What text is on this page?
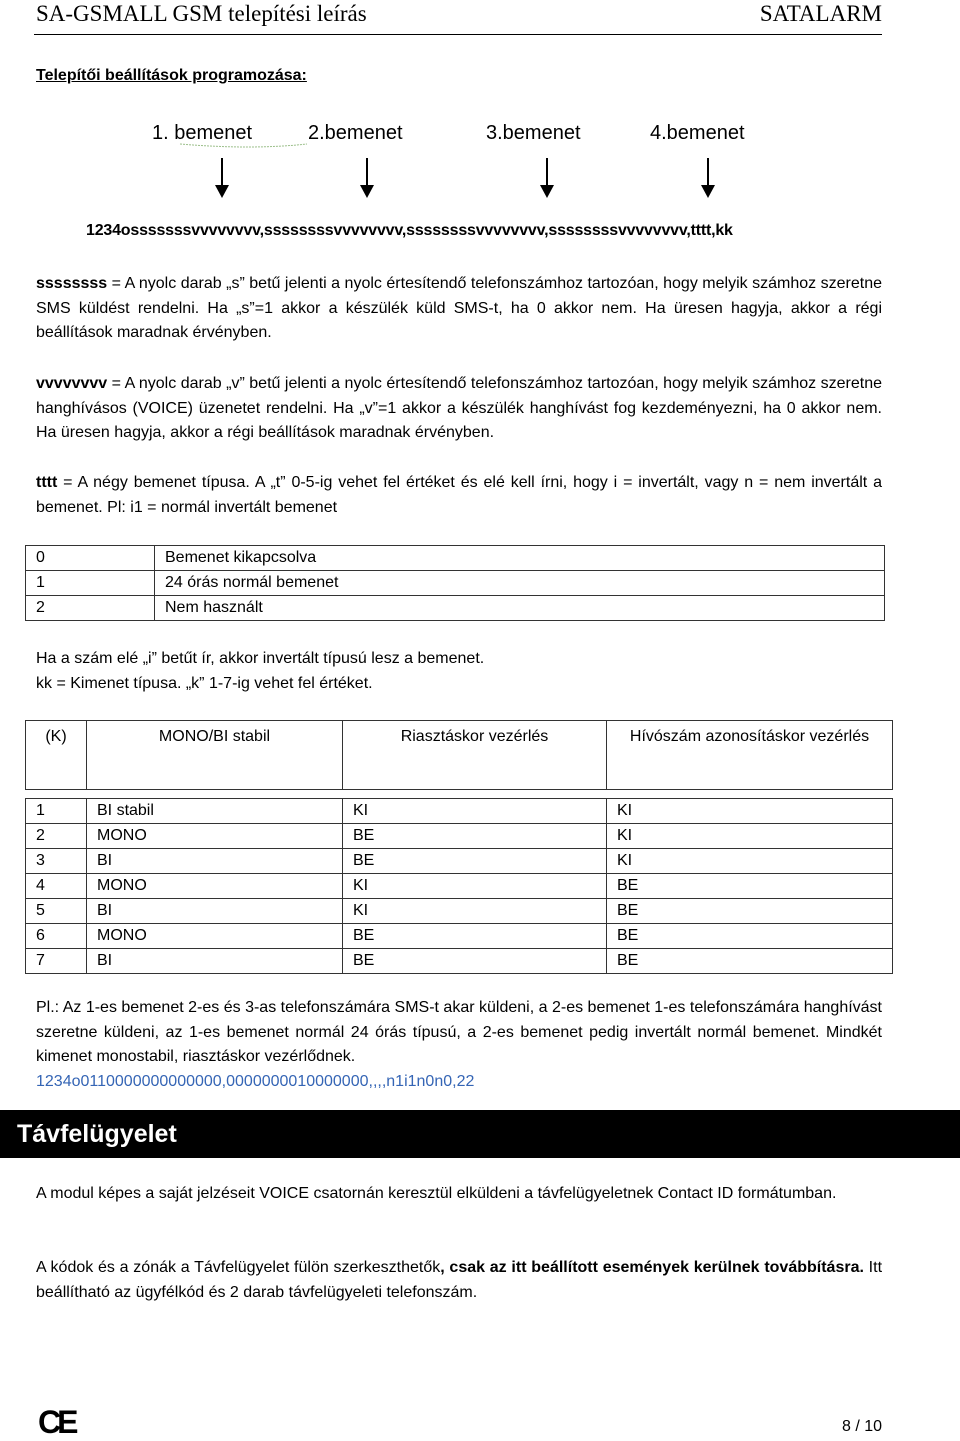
SA-GSMALL GSM telepítési leírás	SATALARM
Telepítői beállítások programozása:
1. bemenet	2.bemenet	3.bemenet	4.bemenet
1234osssssssvvvvvvvv,ssssssssvvvvvvvv,ssssssssvvvvvvvv,ssssssssvvvvvvvv,tttt,kk
ssssssss = A nyolc darab „s” betű jelenti a nyolc értesítendő telefonszámhoz tartozóan, hogy melyik számhoz szeretne SMS küldést rendelni. Ha „s”=1 akkor a készülék küld SMS-t, ha 0 akkor nem. Ha üresen hagyja, akkor a régi beállítások maradnak érvényben.
vvvvvvvv = A nyolc darab „v” betű jelenti a nyolc értesítendő telefonszámhoz tartozóan, hogy melyik számhoz szeretne hanghívásos (VOICE) üzenetet rendelni. Ha „v”=1 akkor a készülék hanghívást fog kezdeményezni, ha 0 akkor nem. Ha üresen hagyja, akkor a régi beállítások maradnak érvényben.
tttt = A négy bemenet típusa. A „t” 0-5-ig vehet fel értéket és elé kell írni, hogy i = invertált, vagy n = nem invertált a bemenet. Pl: i1 = normál invertált bemenet
0	Bemenet kikapcsolva
1	24 órás normál bemenet
2	Nem használt
Ha a szám elé „i” betűt ír, akkor invertált típusú lesz a bemenet.
kk = Kimenet típusa. „k” 1-7-ig vehet fel értéket.
(K)	MONO/BI stabil	Riasztáskor vezérlés	Hívószám azonosításkor vezérlés

1	BI stabil	KI	KI
2	MONO	BE	KI
3	BI	BE	KI
4	MONO	KI	BE
5	BI	KI	BE
6	MONO	BE	BE
7	BI	BE	BE
Pl.: Az 1-es bemenet 2-es és 3-as telefonszámára SMS-t akar küldeni, a 2-es bemenet 1-es telefonszámára hanghívást szeretne küldeni, az 1-es bemenet normál 24 órás típusú, a 2-es bemenet pedig invertált normál bemenet. Mindkét kimenet monostabil, riasztáskor vezérlődnek.
1234o0110000000000000,0000000010000000,,,,n1i1n0n0,22
Távfelügyelet
A modul képes a saját jelzéseit VOICE csatornán keresztül elküldeni a távfelügyeletnek Contact ID formátumban.
A kódok és a zónák a Távfelügyelet fülön szerkeszthetők, csak az itt beállított események kerülnek továbbításra. Itt beállítható az ügyfélkód és 2 darab távfelügyeleti telefonszám.
CE	8 / 10
